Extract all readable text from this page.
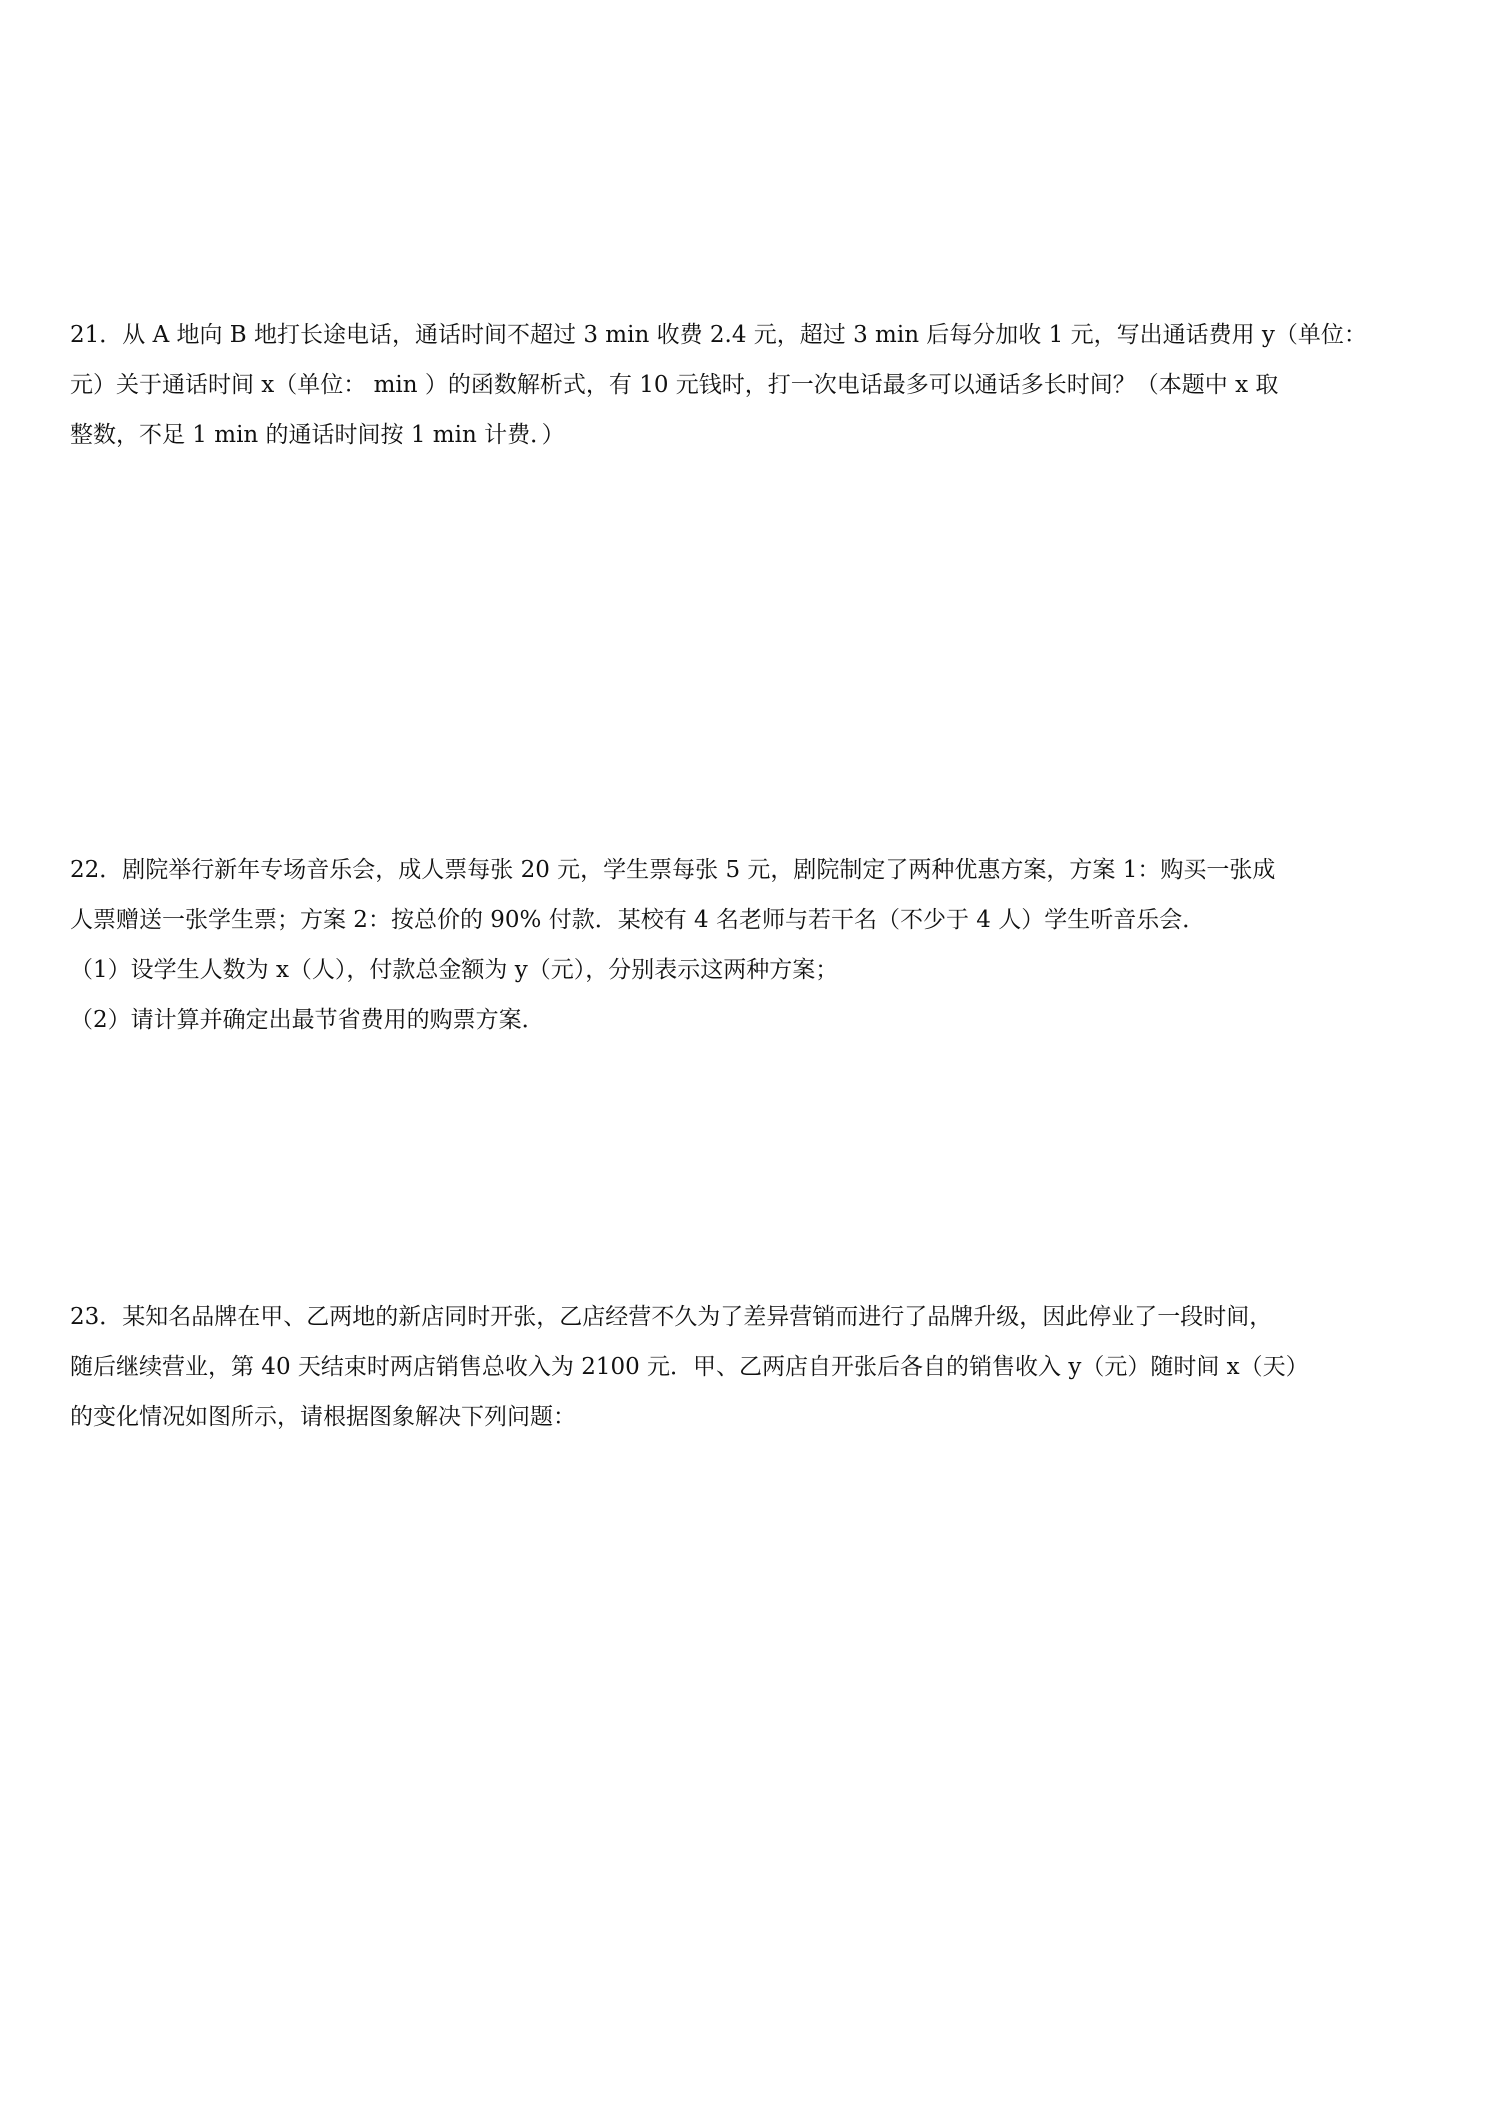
21．从 A 地向 B 地打长途电话，通话时间不超过 3 min 收费 2.4 元，超过 3 min 后每分加收 1 元，写出通话费用 y（单位：
元）关于通话时间 x（单位： min ）的函数解析式，有 10 元钱时，打一次电话最多可以通话多长时间？（本题中 x 取
整数，不足 1 min 的通话时间按 1 min 计费．）
22．剧院举行新年专场音乐会，成人票每张 20 元，学生票每张 5 元，剧院制定了两种优惠方案，方案 1：购买一张成
人票赠送一张学生票；方案 2：按总价的 90% 付款．某校有 4 名老师与若干名（不少于 4 人）学生听音乐会．
（1）设学生人数为 x（人），付款总金额为 y（元），分别表示这两种方案；
（2）请计算并确定出最节省费用的购票方案．
23．某知名品牌在甲、乙两地的新店同时开张，乙店经营不久为了差异营销而进行了品牌升级，因此停业了一段时间，
随后继续营业，第 40 天结束时两店销售总收入为 2100 元．甲、乙两店自开张后各自的销售收入 y（元）随时间 x（天）
的变化情况如图所示，请根据图象解决下列问题：
